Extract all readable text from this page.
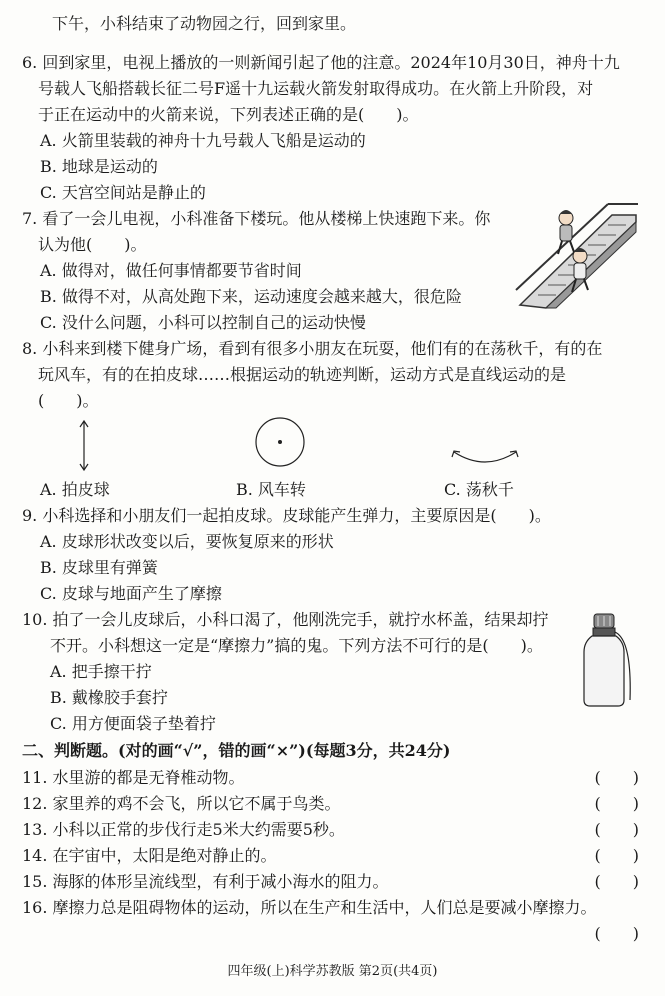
下午，小科结束了动物园之行，回到家里。
6. 回到家里，电视上播放的一则新闻引起了他的注意。2024年10月30日，神舟十九
号载人飞船搭载长征二号F遥十九运载火箭发射取得成功。在火箭上升阶段，对
于正在运动中的火箭来说，下列表述正确的是(　　)。
A. 火箭里装载的神舟十九号载人飞船是运动的
B. 地球是运动的
C. 天宫空间站是静止的
7. 看了一会儿电视，小科准备下楼玩。他从楼梯上快速跑下来。你
认为他(　　)。
A. 做得对，做任何事情都要节省时间
B. 做得不对，从高处跑下来，运动速度会越来越大，很危险
C. 没什么问题，小科可以控制自己的运动快慢
8. 小科来到楼下健身广场，看到有很多小朋友在玩耍，他们有的在荡秋千，有的在
玩风车，有的在拍皮球……根据运动的轨迹判断，运动方式是直线运动的是
(　　)。
A. 拍皮球	B. 风车转	C. 荡秋千
9. 小科选择和小朋友们一起拍皮球。皮球能产生弹力，主要原因是(　　)。
A. 皮球形状改变以后，要恢复原来的形状
B. 皮球里有弹簧
C. 皮球与地面产生了摩擦
10. 拍了一会儿皮球后，小科口渴了，他刚洗完手，就拧水杯盖，结果却拧
不开。小科想这一定是“摩擦力”搞的鬼。下列方法不可行的是(　　)。
A. 把手擦干拧
B. 戴橡胶手套拧
C. 用方便面袋子垫着拧
二、判断题。(对的画“√”，错的画“×”)(每题3分，共24分)
11. 水里游的都是无脊椎动物。	(　　)
12. 家里养的鸡不会飞，所以它不属于鸟类。	(　　)
13. 小科以正常的步伐行走5米大约需要5秒。	(　　)
14. 在宇宙中，太阳是绝对静止的。	(　　)
15. 海豚的体形呈流线型，有利于减小海水的阻力。	(　　)
16. 摩擦力总是阻碍物体的运动，所以在生产和生活中，人们总是要减小摩擦力。
(　　)
四年级(上)科学苏教版 第2页(共4页)
